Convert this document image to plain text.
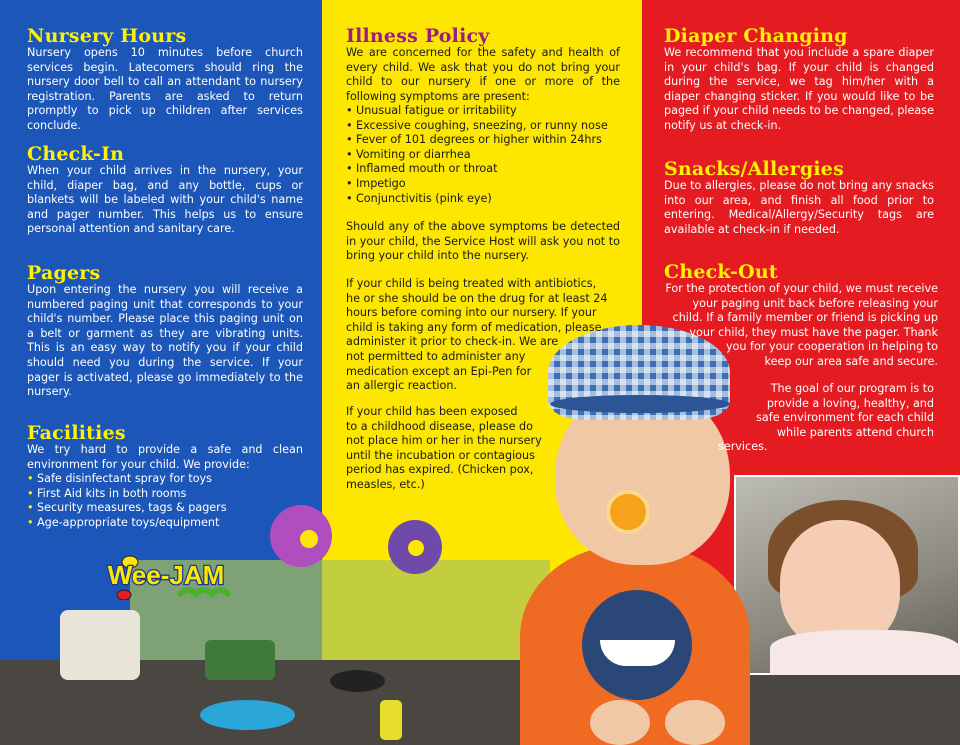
Wee-JAM
Nursery Hours
Nursery opens 10 minutes before church services begin. Latecomers should ring the nursery door bell to call an attendant to nursery registration. Parents are asked to return promptly to pick up children after services conclude.
Check-In
When your child arrives in the nursery, your child, diaper bag, and any bottle, cups or blankets will be labeled with your child's name and pager number. This helps us to ensure personal attention and sanitary care.
Pagers
Upon entering the nursery you will receive a numbered paging unit that corresponds to your child's number. Please place this paging unit on a belt or garment as they are vibrating units. This is an easy way to notify you if your child should need you during the service. If your pager is activated, please go immediately to the nursery.
Facilities
We try hard to provide a safe and clean environment for your child. We provide:
• Safe disinfectant spray for toys
• First Aid kits in both rooms
• Security measures, tags & pagers
• Age-appropriate toys/equipment
Illness Policy
We are concerned for the safety and health of every child. We ask that you do not bring your child to our nursery if one or more of the following symptoms are present:
• Unusual fatigue or irritability
• Excessive coughing, sneezing, or runny nose
• Fever of 101 degrees or higher within 24hrs
• Vomiting or diarrhea
• Inflamed mouth or throat
• Impetigo
• Conjunctivitis (pink eye)
Should any of the above symptoms be detected in your child, the Service Host will ask you not to bring your child into the nursery.
If your child is being treated with antibiotics,
he or she should be on the drug for at least 24
hours before coming into our nursery. If your
child is taking any form of medication, please
administer it prior to check-in. We are
not permitted to administer any
medication except an Epi-Pen for
an allergic reaction.
If your child has been exposed
to a childhood disease, please do
not place him or her in the nursery
until the incubation or contagious
period has expired. (Chicken pox,
measles, etc.)
Diaper Changing
We recommend that you include a spare diaper in your child's bag. If your child is changed during the service, we tag him/her with a diaper changing sticker. If you would like to be paged if your child needs to be changed, please notify us at check-in.
Snacks/Allergies
Due to allergies, please do not bring any snacks into our area, and finish all food prior to entering. Medical/Allergy/Security tags are available at check-in if needed.
Check-Out
For the protection of your child, we must receive
your paging unit back before releasing your
child. If a family member or friend is picking up
your child, they must have the pager. Thank
you for your cooperation in helping to
keep our area safe and secure.
The goal of our program is to
provide a loving, healthy, and
safe environment for each child
while parents attend church
services.
